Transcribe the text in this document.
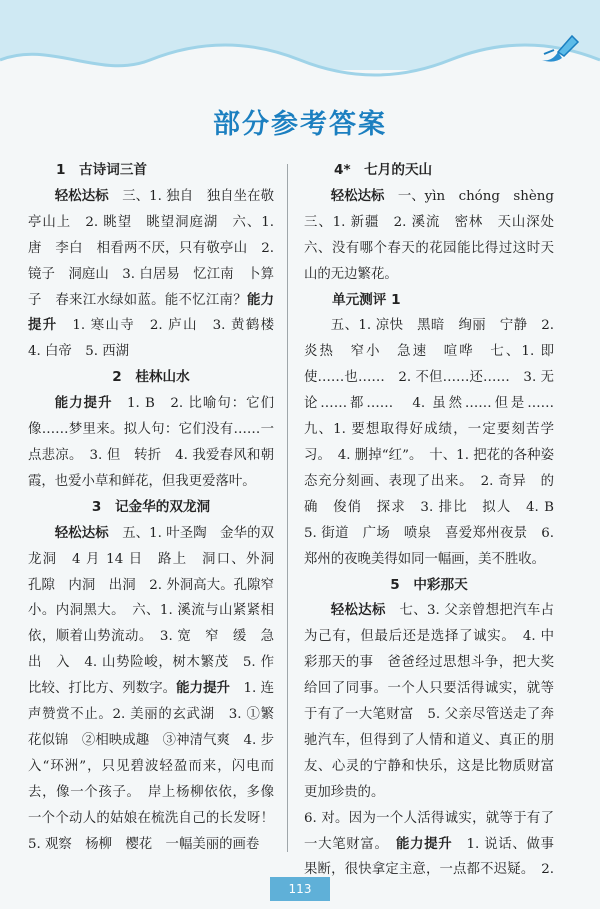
部分参考答案
1　古诗词三首

轻松达标　三、1. 独自　独自坐在敬亭山上　2. 眺望　眺望洞庭湖　六、1. 唐　李白　相看两不厌，只有敬亭山　2. 镜子　洞庭山　3. 白居易　忆江南　卜算子　春来江水绿如蓝。能不忆江南？能力提升　1. 寒山寺　2. 庐山　3. 黄鹤楼　4. 白帝　5. 西湖

2　桂林山水

能力提升　1. B　2. 比喻句：它们像……梦里来。拟人句：它们没有……一点悲凉。　3. 但　转折　4. 我爱春风和朝霞，也爱小草和鲜花，但我更爱落叶。

3　记金华的双龙洞

轻松达标　五、1. 叶圣陶　金华的双龙洞　4 月 14 日　路上　洞口、外洞　孔隙　内洞　出洞　2. 外洞高大。孔隙窄小。内洞黑大。　六、1. 溪流与山紧紧相依，顺着山势流动。　3. 宽　窄　缓　急　出　入　4. 山势险峻，树木繁茂　5. 作比较、打比方、列数字。能力提升　1. 连声赞赏不止。2. 美丽的玄武湖　3. ①繁花似锦　②相映成趣　③神清气爽　4. 步入“环洲”，只见碧波轻盈而来，闪电而去，像一个孩子。　岸上杨柳依依，多像一个个动人的姑娘在梳洗自己的长发呀！　5. 观察　杨柳　樱花　一幅美丽的画卷

4*　七月的天山

轻松达标　一、yìn　chóng　shèng　三、1. 新疆　2. 溪流　密林　天山深处　六、没有哪个春天的花园能比得过这时天山的无边繁花。

单元测评 1

五、1. 凉快　黑暗　绚丽　宁静　2. 炎热　窄小　急速　喧哗　七、1. 即使……也……　2. 不但……还……　3. 无论……都……　4. 虽然……但是……　九、1. 要想取得好成绩，一定要刻苦学习。　4. 删掉“红”。　十、1. 把花的各种姿态充分刻画、表现了出来。　2. 奇异　的确　俊俏　探求　3. 排比　拟人　4. B　5. 街道　广场　喷泉　喜爱郑州夜景　6. 郑州的夜晚美得如同一幅画，美不胜收。

5　中彩那天

轻松达标　七、3. 父亲曾想把汽车占为己有，但最后还是选择了诚实。　4. 中彩那天的事　爸爸经过思想斗争，把大奖给回了同事。一个人只要活得诚实，就等于有了一大笔财富　5. 父亲尽管送走了奔驰汽车，但得到了人情和道义、真正的朋友、心灵的宁静和快乐，这是比物质财富更加珍贵的。

6. 对。因为一个人活得诚实，就等于有了一大笔财富。　 能力提升　1. 说话、做事果断，很快拿定主意，一点都不迟疑。　2.

113
